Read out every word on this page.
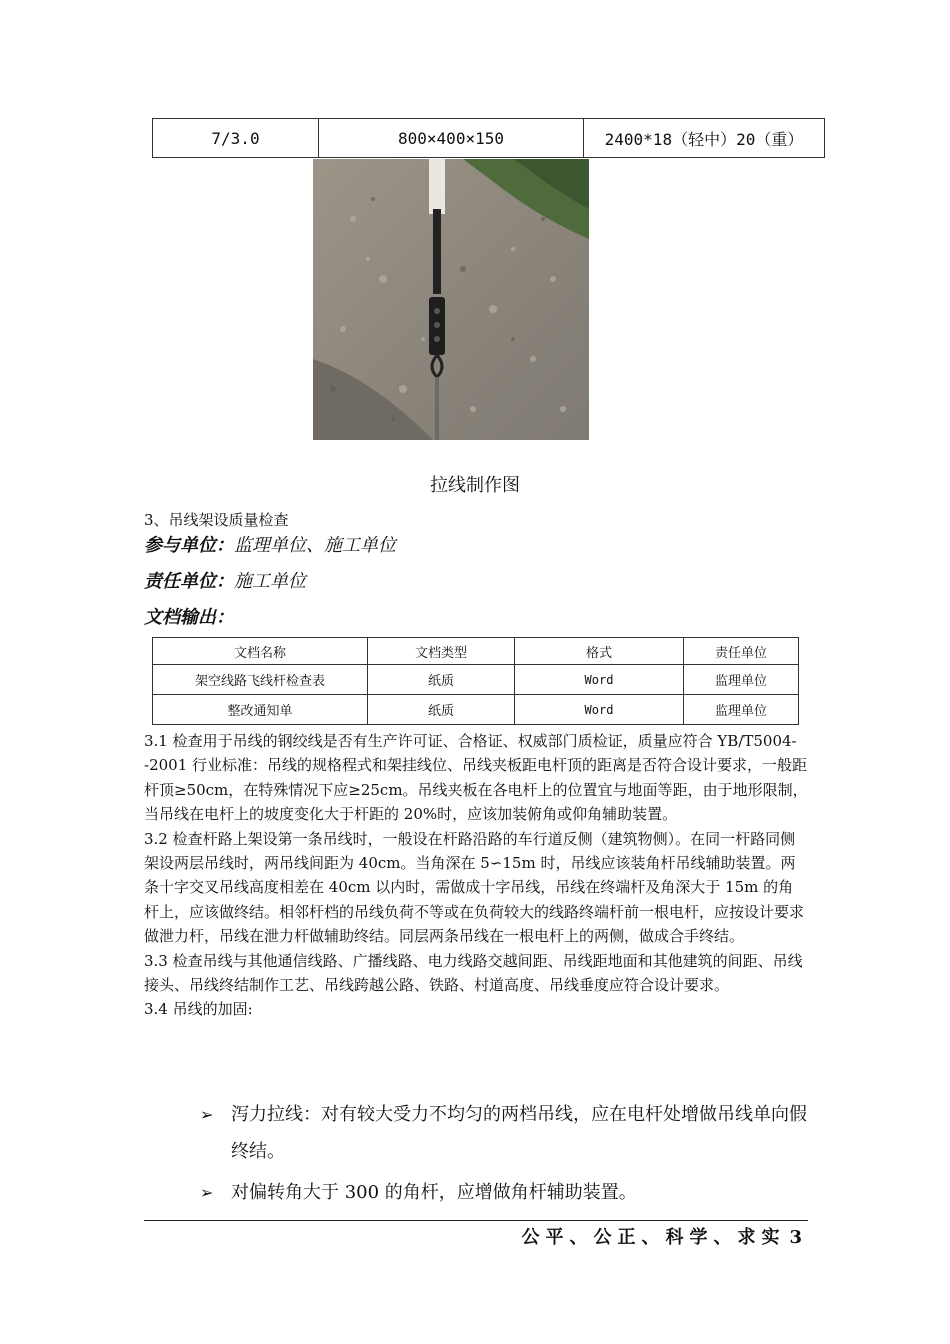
7/3.0	800×400×150	2400*18（轻中）20（重）
拉线制作图
3、吊线架设质量检查
参与单位：监理单位、施工单位
责任单位：施工单位
文档输出：
文档名称	文档类型	格式	责任单位
架空线路飞线杆检查表	纸质	Word	监理单位
整改通知单	纸质	Word	监理单位

3.1 检查用于吊线的钢绞线是否有生产许可证、合格证、权威部门质检证，质量应符合 YB/T5004--2001 行业标准：吊线的规格程式和架挂线位、吊线夹板距电杆顶的距离是否符合设计要求，一般距杆顶≥50cm，在特殊情况下应≥25cm。吊线夹板在各电杆上的位置宜与地面等距，由于地形限制，当吊线在电杆上的坡度变化大于杆距的 20%时，应该加装俯角或仰角辅助装置。

3.2 检查杆路上架设第一条吊线时，一般设在杆路沿路的车行道反侧（建筑物侧）。在同一杆路同侧架设两层吊线时，两吊线间距为 40cm。当角深在 5∽15m 时，吊线应该装角杆吊线辅助装置。两条十字交叉吊线高度相差在 40cm 以内时，需做成十字吊线，吊线在终端杆及角深大于 15m 的角杆上，应该做终结。相邻杆档的吊线负荷不等或在负荷较大的线路终端杆前一根电杆，应按设计要求做泄力杆，吊线在泄力杆做辅助终结。同层两条吊线在一根电杆上的两侧，做成合手终结。

3.3 检查吊线与其他通信线路、广播线路、电力线路交越间距、吊线距地面和其他建筑的间距、吊线接头、吊线终结制作工艺、吊线跨越公路、铁路、村道高度、吊线垂度应符合设计要求。

3.4 吊线的加固:

➢ 泻力拉线：对有较大受力不均匀的两档吊线，应在电杆处增做吊线单向假终结。
➢ 对偏转角大于 300 的角杆，应增做角杆辅助装置。
公平、公正、科学、求实 3
